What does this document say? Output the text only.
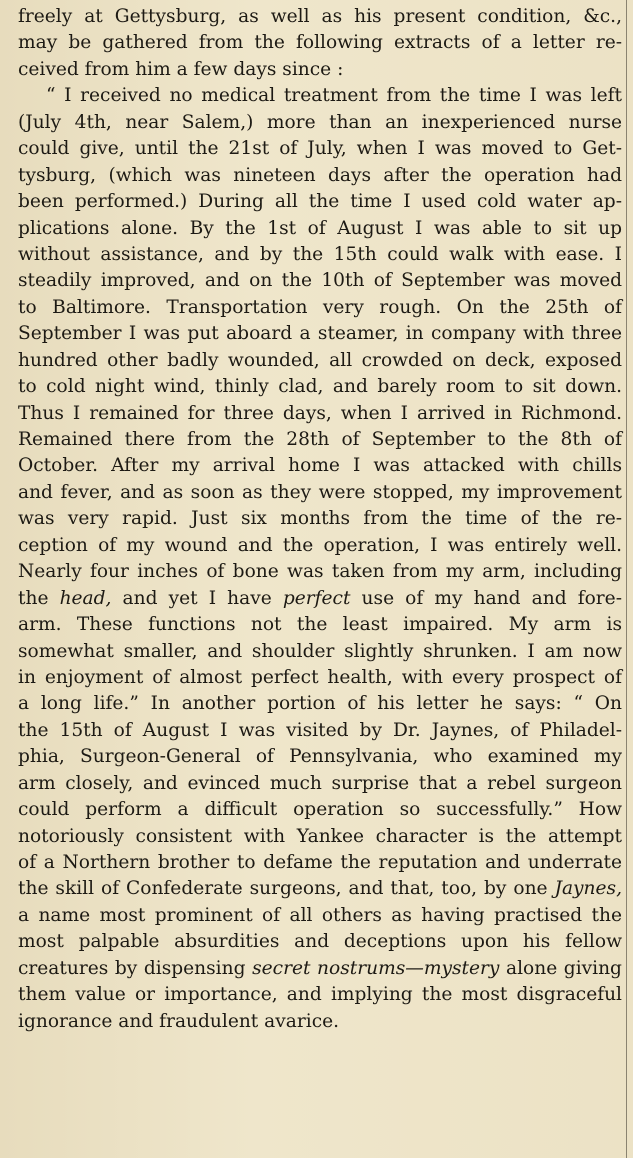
freely at Gettysburg, as well as his present condition, &c.,
may be gathered from the following extracts of a letter re-
ceived from him a few days since :
“ I received no medical treatment from the time I was left
(July 4th, near Salem,) more than an inexperienced nurse
could give, until the 21st of July, when I was moved to Get-
tysburg, (which was nineteen days after the operation had
been performed.) During all the time I used cold water ap-
plications alone. By the 1st of August I was able to sit up
without assistance, and by the 15th could walk with ease. I
steadily improved, and on the 10th of September was moved
to Baltimore. Transportation very rough. On the 25th of
September I was put aboard a steamer, in company with three
hundred other badly wounded, all crowded on deck, exposed
to cold night wind, thinly clad, and barely room to sit down.
Thus I remained for three days, when I arrived in Richmond.
Remained there from the 28th of September to the 8th of
October. After my arrival home I was attacked with chills
and fever, and as soon as they were stopped, my improvement
was very rapid. Just six months from the time of the re-
ception of my wound and the operation, I was entirely well.
Nearly four inches of bone was taken from my arm, including
the head, and yet I have perfect use of my hand and fore-
arm. These functions not the least impaired. My arm is
somewhat smaller, and shoulder slightly shrunken. I am now
in enjoyment of almost perfect health, with every prospect of
a long life.” In another portion of his letter he says: “ On
the 15th of August I was visited by Dr. Jaynes, of Philadel-
phia, Surgeon-General of Pennsylvania, who examined my
arm closely, and evinced much surprise that a rebel surgeon
could perform a difficult operation so successfully.” How
notoriously consistent with Yankee character is the attempt
of a Northern brother to defame the reputation and underrate
the skill of Confederate surgeons, and that, too, by one Jaynes,
a name most prominent of all others as having practised the
most palpable absurdities and deceptions upon his fellow
creatures by dispensing secret nostrums—mystery alone giving
them value or importance, and implying the most disgraceful
ignorance and fraudulent avarice.
